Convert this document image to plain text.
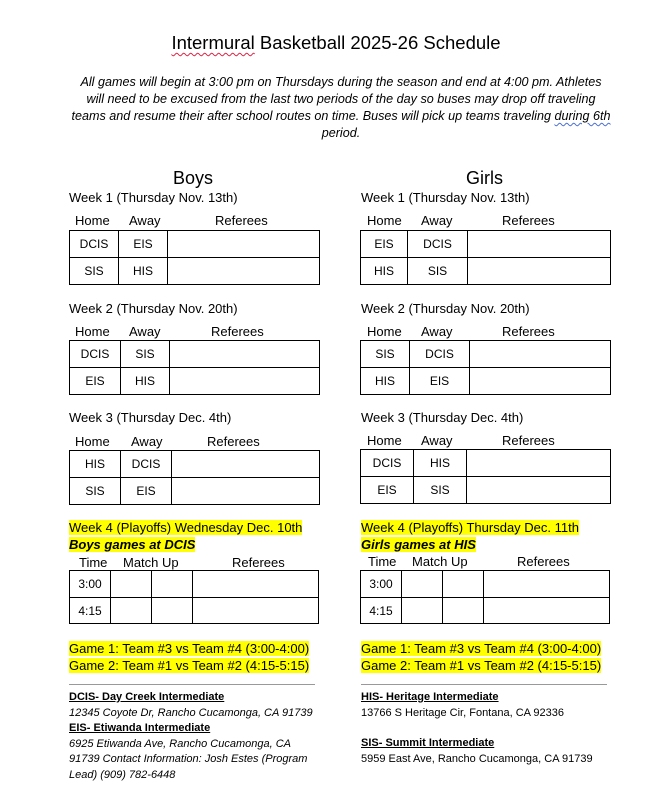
Intermural Basketball 2025-26 Schedule
All games will begin at 3:00 pm on Thursdays during the season and end at 4:00 pm. Athletes will need to be excused from the last two periods of the day so buses may drop off traveling teams and resume their after school routes on time. Buses will pick up teams traveling during 6th period.
Boys
Week 1 (Thursday Nov. 13th)
Home Away	Referees
DCIS	EIS	
SIS	HIS	
Week 2 (Thursday Nov. 20th)
Home Away	Referees
DCIS	SIS	
EIS	HIS	
Week 3 (Thursday Dec. 4th)
Home Away	Referees
HIS	DCIS	
SIS	EIS	
Week 4 (Playoffs) Wednesday Dec. 10th
Boys games at DCIS
Time Match Up	Referees
3:00			
4:15			
Game 1: Team #3 vs Team #4 (3:00-4:00)
Game 2: Team #1 vs Team #2 (4:15-5:15)
Girls
Week 1 (Thursday Nov. 13th)
Home Away	Referees
EIS	DCIS	
HIS	SIS	
Week 2 (Thursday Nov. 20th)
Home Away	Referees
SIS	DCIS	
HIS	EIS	
Week 3 (Thursday Dec. 4th)
Home Away	Referees
DCIS	HIS	
EIS	SIS	
Week 4 (Playoffs) Thursday Dec. 11th
Girls games at HIS
Time Match Up	Referees
3:00			
4:15			
Game 1: Team #3 vs Team #4 (3:00-4:00)
Game 2: Team #1 vs Team #2 (4:15-5:15)
DCIS- Day Creek Intermediate
12345 Coyote Dr, Rancho Cucamonga, CA 91739
EIS- Etiwanda Intermediate
6925 Etiwanda Ave, Rancho Cucamonga, CA 91739 Contact Information: Josh Estes (Program Lead) (909) 782-6448
HIS- Heritage Intermediate
13766 S Heritage Cir, Fontana, CA 92336
SIS- Summit Intermediate
5959 East Ave, Rancho Cucamonga, CA 91739
